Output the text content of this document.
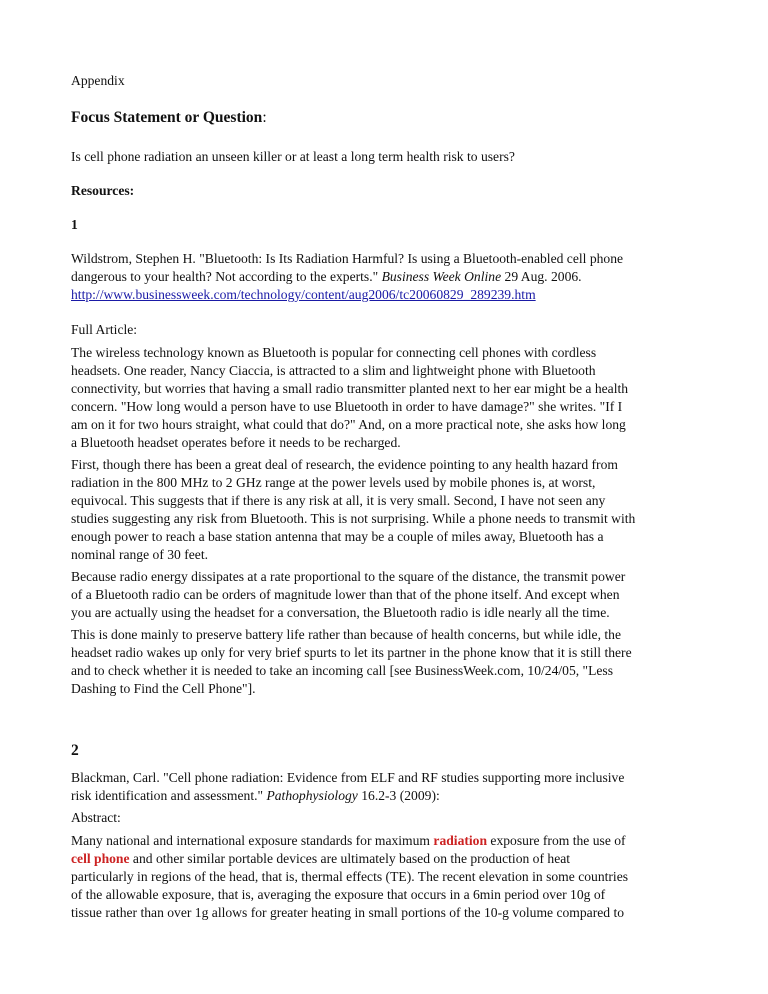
Appendix

Focus Statement or Question:

Is cell phone radiation an unseen killer or at least a long term health risk to users?

Resources:

1

Wildstrom, Stephen H. "Bluetooth: Is Its Radiation Harmful? Is using a Bluetooth-enabled cell phone

dangerous to your health? Not according to the experts." Business Week Online 29 Aug. 2006.

http://www.businessweek.com/technology/content/aug2006/tc20060829_289239.htm

Full Article:

The wireless technology known as Bluetooth is popular for connecting cell phones with cordless

headsets. One reader, Nancy Ciaccia, is attracted to a slim and lightweight phone with Bluetooth

connectivity, but worries that having a small radio transmitter planted next to her ear might be a health

concern. "How long would a person have to use Bluetooth in order to have damage?" she writes. "If I

am on it for two hours straight, what could that do?" And, on a more practical note, she asks how long

a Bluetooth headset operates before it needs to be recharged.

First, though there has been a great deal of research, the evidence pointing to any health hazard from

radiation in the 800 MHz to 2 GHz range at the power levels used by mobile phones is, at worst,

equivocal. This suggests that if there is any risk at all, it is very small. Second, I have not seen any

studies suggesting any risk from Bluetooth. This is not surprising. While a phone needs to transmit with

enough power to reach a base station antenna that may be a couple of miles away, Bluetooth has a

nominal range of 30 feet.

Because radio energy dissipates at a rate proportional to the square of the distance, the transmit power

of a Bluetooth radio can be orders of magnitude lower than that of the phone itself. And except when

you are actually using the headset for a conversation, the Bluetooth radio is idle nearly all the time.

This is done mainly to preserve battery life rather than because of health concerns, but while idle, the

headset radio wakes up only for very brief spurts to let its partner in the phone know that it is still there

and to check whether it is needed to take an incoming call [see BusinessWeek.com, 10/24/05, "Less

Dashing to Find the Cell Phone"].

2

Blackman, Carl. "Cell phone radiation: Evidence from ELF and RF studies supporting more inclusive

risk identification and assessment." Pathophysiology 16.2-3 (2009):

Abstract:

Many national and international exposure standards for maximum radiation exposure from the use of

cell phone and other similar portable devices are ultimately based on the production of heat

particularly in regions of the head, that is, thermal effects (TE). The recent elevation in some countries

of the allowable exposure, that is, averaging the exposure that occurs in a 6min period over 10g of

tissue rather than over 1g allows for greater heating in small portions of the 10-g volume compared to
